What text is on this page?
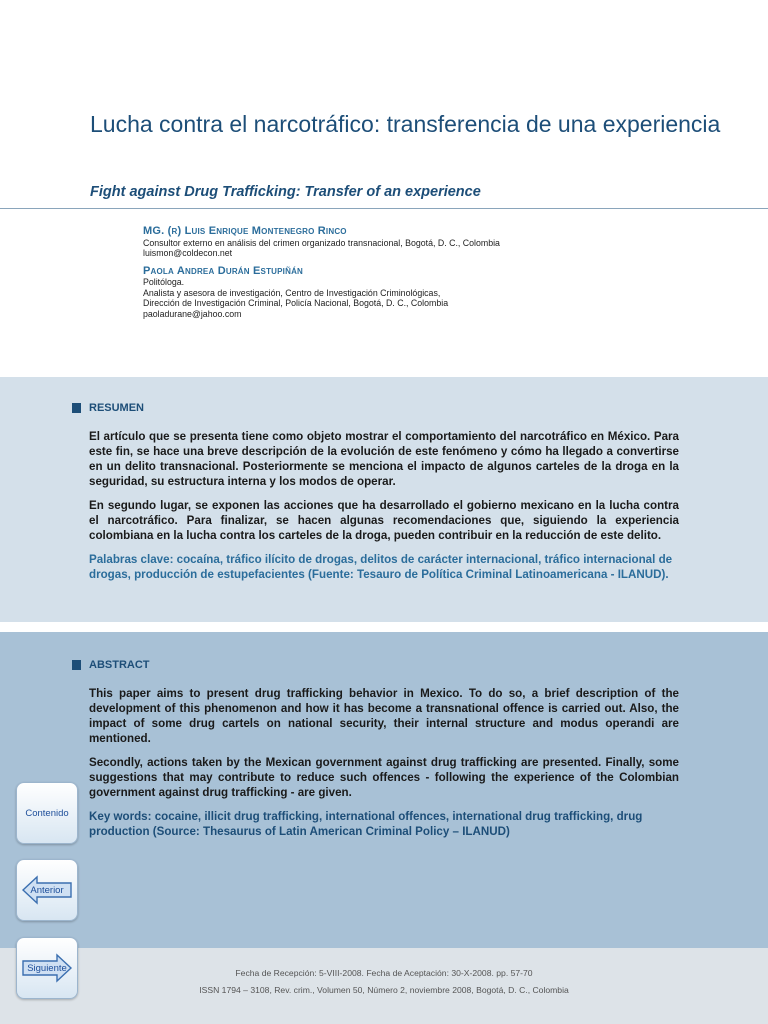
Lucha contra el narcotráfico: transferencia de una experiencia
Fight against Drug Trafficking: Transfer of an experience

MG. (r) Luis Enrique Montenegro Rinco

Consultor externo en análisis del crimen organizado transnacional, Bogotá, D. C., Colombia

luismon@coldecon.net

Paola Andrea Durán Estupiñán

Politóloga.

Analista y asesora de investigación, Centro de Investigación Criminológicas,

Dirección de Investigación Criminal, Policía Nacional, Bogotá, D. C., Colombia

paoladurane@jahoo.com

RESUMEN

El artículo que se presenta tiene como objeto mostrar el comportamiento del narcotráfico en México. Para este fin, se hace una breve descripción de la evolución de este fenómeno y cómo ha llegado a convertirse en un delito transnacional. Posteriormente se menciona el impacto de algunos carteles de la droga en la seguridad, su estructura interna y los modos de operar.

En segundo lugar, se exponen las acciones que ha desarrollado el gobierno mexicano en la lucha contra el narcotráfico. Para finalizar, se hacen algunas recomendaciones que, siguiendo la experiencia colombiana en la lucha contra los carteles de la droga, pueden contribuir en la reducción de este delito.

Palabras clave: cocaína, tráfico ilícito de drogas, delitos de carácter internacional, tráfico internacional de drogas, producción de estupefacientes (Fuente: Tesauro de Política Criminal Latinoamericana - ILANUD).

ABSTRACT

This paper aims to present drug trafficking behavior in Mexico. To do so, a brief description of the development of this phenomenon and how it has become a transnational offence is carried out. Also, the impact of some drug cartels on national security, their internal structure and modus operandi are mentioned.

Secondly, actions taken by the Mexican government against drug trafficking are presented. Finally, some suggestions that may contribute to reduce such offences - following the experience of the Colombian government against drug trafficking - are given.

Key words: cocaine, illicit drug trafficking, international offences, international drug trafficking, drug production (Source: Thesaurus of Latin American Criminal Policy – ILANUD)

Fecha de Recepción: 5-VIII-2008. Fecha de Aceptación: 30-X-2008. pp. 57-70
ISSN 1794 – 3108, Rev. crim., Volumen 50, Número 2, noviembre 2008, Bogotá, D. C., Colombia
Contenido
Anterior
Siguiente
